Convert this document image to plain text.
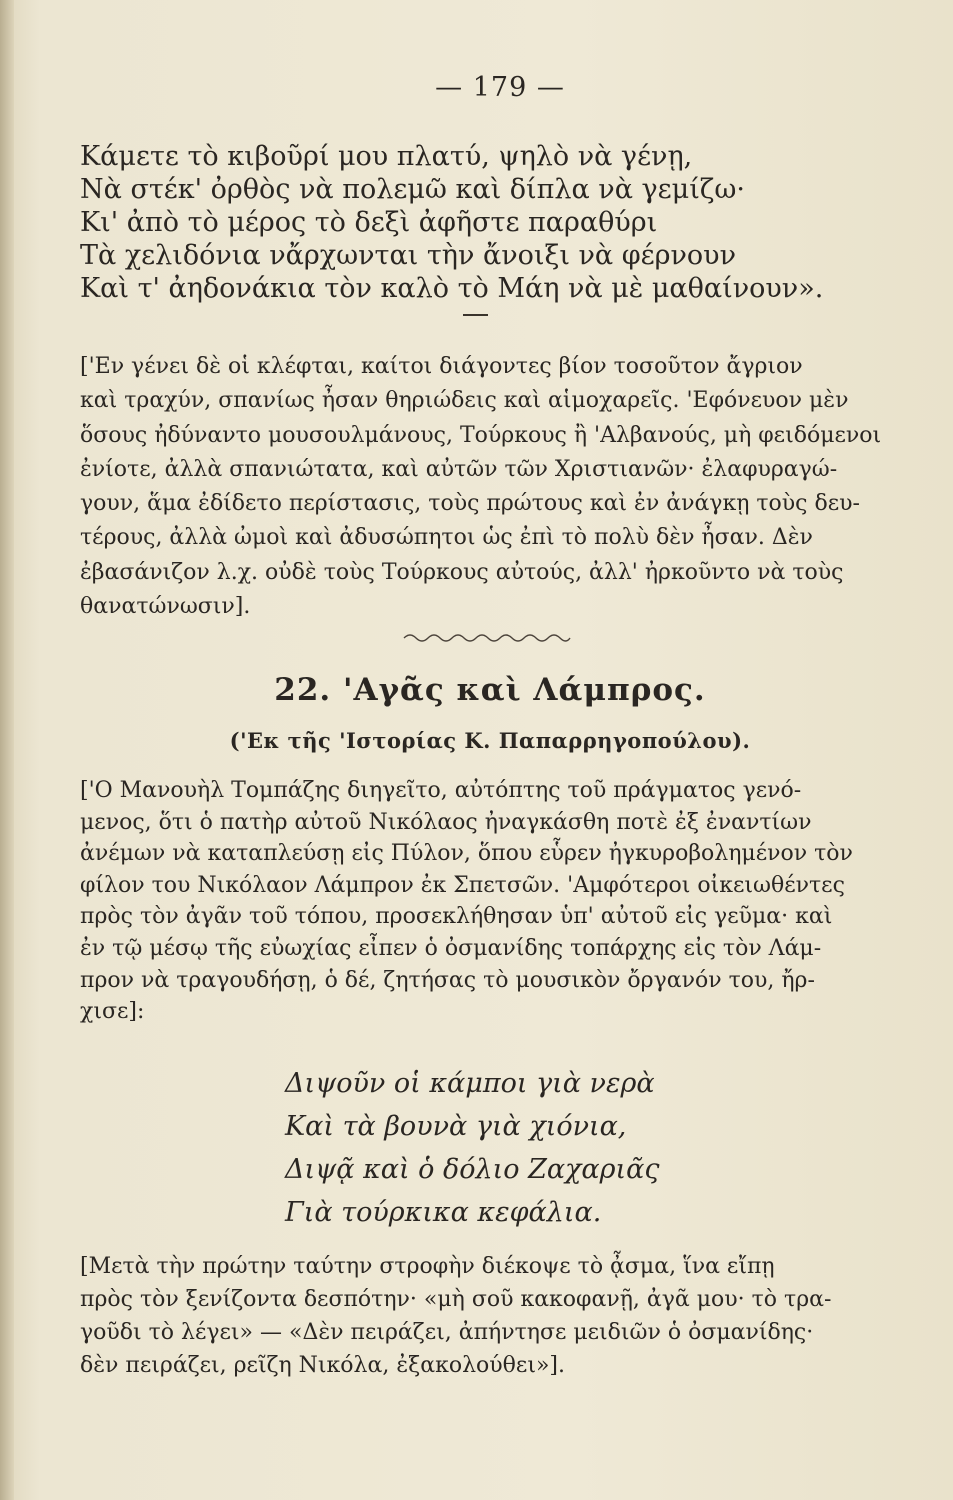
— 179 —
Κάμετε τὸ κιβοῦρί μου πλατύ, ψηλὸ νὰ γένῃ,
Νὰ στέκ' ὀρθὸς νὰ πολεμῶ καὶ δίπλα νὰ γεμίζω·
Κι' ἀπὸ τὸ μέρος τὸ δεξὶ ἀφῆστε παραθύρι
Τὰ χελιδόνια νἄρχωνται τὴν ἄνοιξι νὰ φέρνουν
Καὶ τ' ἀηδονάκια τὸν καλὸ τὸ Μάη νὰ μὲ μαθαίνουν».
['Εν γένει δὲ οἱ κλέφται, καίτοι διάγοντες βίον τοσοῦτον ἄγριον
καὶ τραχύν, σπανίως ἦσαν θηριώδεις καὶ αἱμοχαρεῖς. 'Εφόνευον μὲν
ὅσους ἠδύναντο μουσουλμάνους, Τούρκους ἢ 'Αλβανούς, μὴ φειδόμενοι
ἐνίοτε, ἀλλὰ σπανιώτατα, καὶ αὐτῶν τῶν Χριστιανῶν· ἐλαφυραγώ-
γουν, ἅμα ἐδίδετο περίστασις, τοὺς πρώτους καὶ ἐν ἀνάγκῃ τοὺς δευ-
τέρους, ἀλλὰ ὠμοὶ καὶ ἀδυσώπητοι ὡς ἐπὶ τὸ πολὺ δὲν ἦσαν. Δὲν
ἐβασάνιζον λ.χ. οὐδὲ τοὺς Τούρκους αὐτούς, ἀλλ' ἠρκοῦντο νὰ τοὺς
θανατώνωσιν].
22. 'Αγᾶς καὶ Λάμπρος.
('Εκ τῆς 'Ιστορίας Κ. Παπαρρηγοπούλου).
['Ο Μανουὴλ Τομπάζης διηγεῖτο, αὐτόπτης τοῦ πράγματος γενό-
μενος, ὅτι ὁ πατὴρ αὐτοῦ Νικόλαος ἠναγκάσθη ποτὲ ἐξ ἐναντίων
ἀνέμων νὰ καταπλεύσῃ εἰς Πύλον, ὅπου εὗρεν ἠγκυροβολημένον τὸν
φίλον του Νικόλαον Λάμπρον ἐκ Σπετσῶν. 'Αμφότεροι οἰκειωθέντες
πρὸς τὸν ἀγᾶν τοῦ τόπου, προσεκλήθησαν ὑπ' αὐτοῦ εἰς γεῦμα· καὶ
ἐν τῷ μέσῳ τῆς εὐωχίας εἶπεν ὁ ὀσμανίδης τοπάρχης εἰς τὸν Λάμ-
προν νὰ τραγουδήσῃ, ὁ δέ, ζητήσας τὸ μουσικὸν ὄργανόν του, ἤρ-
χισε]:
Διψοῦν οἱ κάμποι γιὰ νερὰ
Καὶ τὰ βουνὰ γιὰ χιόνια,
Διψᾷ καὶ ὁ δόλιο Ζαχαριᾶς
Γιὰ τούρκικα κεφάλια.
[Μετὰ τὴν πρώτην ταύτην στροφὴν διέκοψε τὸ ᾆσμα, ἵνα εἴπῃ
πρὸς τὸν ξενίζοντα δεσπότην· «μὴ σοῦ κακοφανῇ, ἀγᾶ μου· τὸ τρα-
γοῦδι τὸ λέγει» — «Δὲν πειράζει, ἀπήντησε μειδιῶν ὁ ὀσμανίδης·
δὲν πειράζει, ρεῖζη Νικόλα, ἐξακολούθει»].
